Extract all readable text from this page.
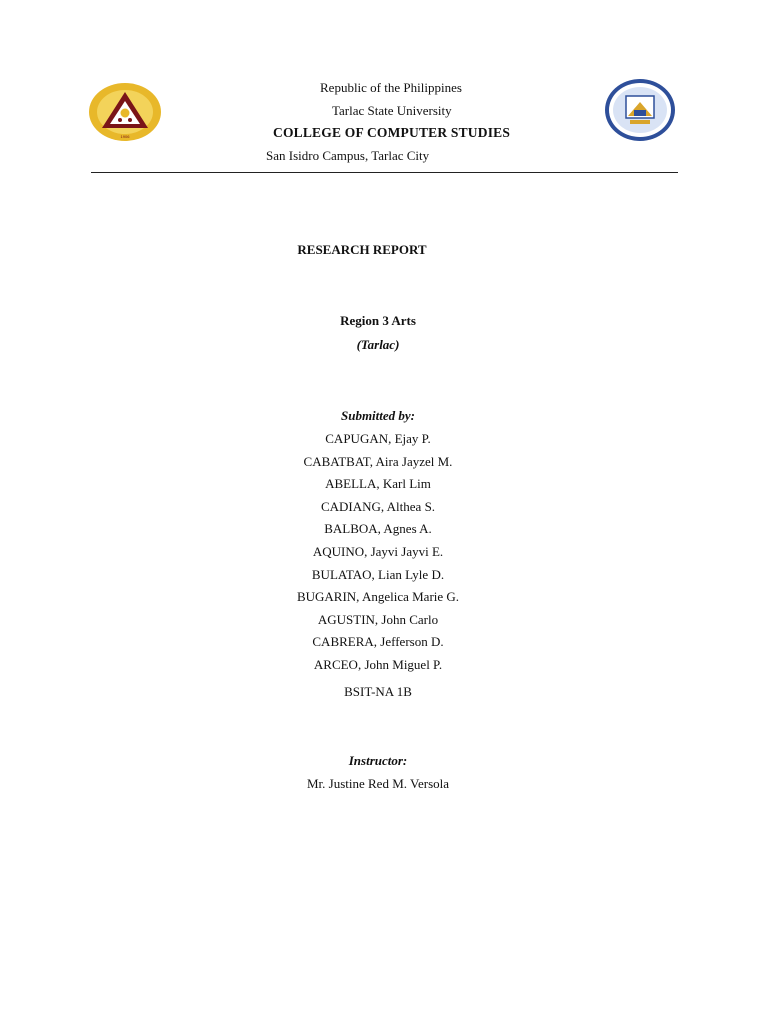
1906
Republic of the Philippines
Tarlac State University
COLLEGE OF COMPUTER STUDIES
San Isidro Campus, Tarlac City
RESEARCH REPORT
Region 3 Arts
(Tarlac)
Submitted by:
CAPUGAN, Ejay P.
CABATBAT, Aira Jayzel M.
ABELLA, Karl Lim
CADIANG, Althea S.
BALBOA, Agnes A.
AQUINO, Jayvi Jayvi E.
BULATAO, Lian Lyle D.
BUGARIN, Angelica Marie G.
AGUSTIN, John Carlo
CABRERA, Jefferson D.
ARCEO, John Miguel P.
BSIT-NA 1B
Instructor:
Mr. Justine Red M. Versola
